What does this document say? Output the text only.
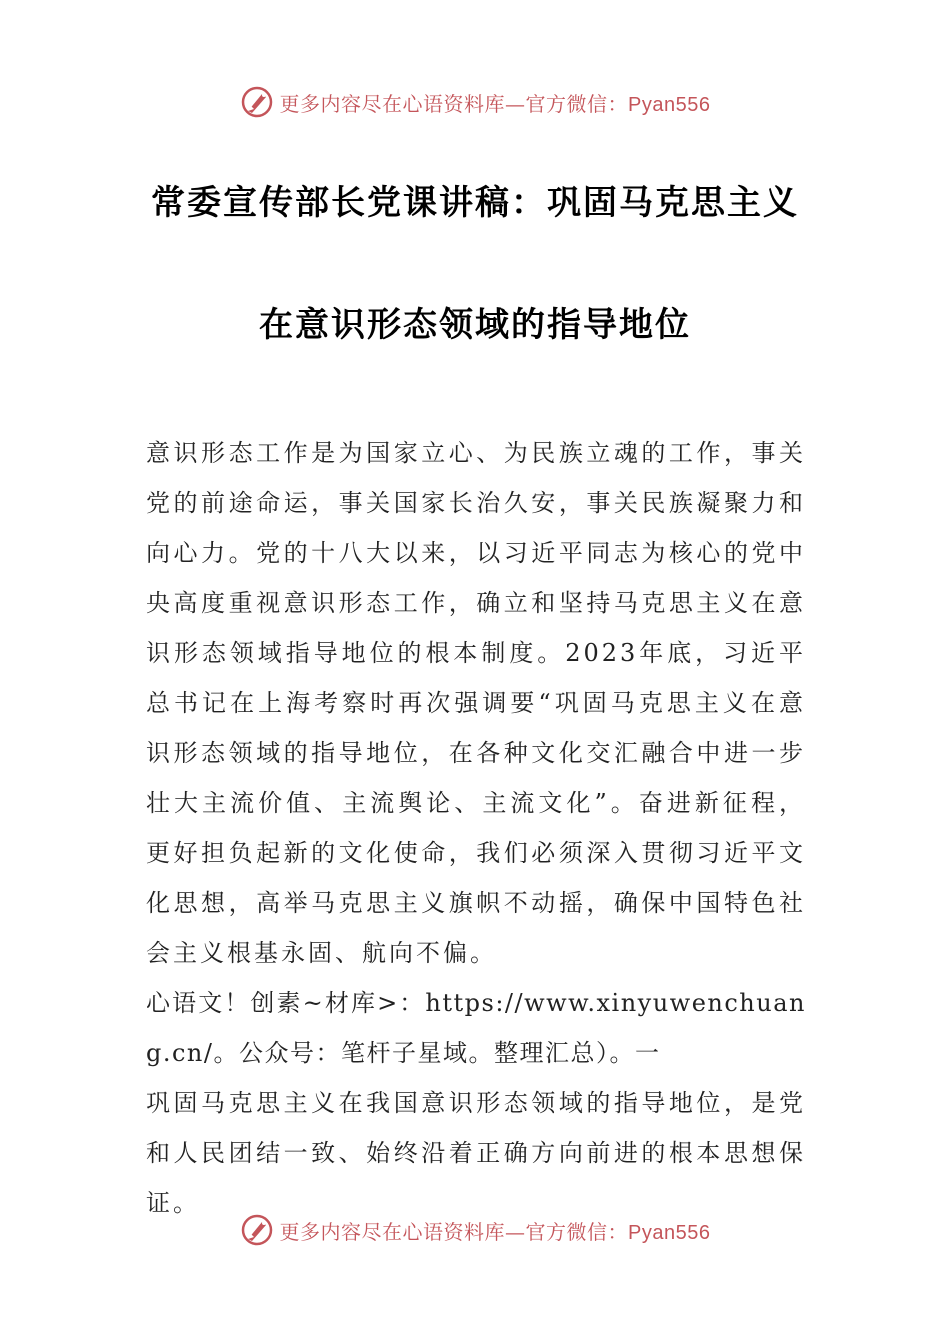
更多内容尽在心语资料库—官方微信：Pyan556
常委宣传部长党课讲稿：巩固马克思主义
在意识形态领域的指导地位

意识形态工作是为国家立心、为民族立魂的工作，事关党的前途命运，事关国家长治久安，事关民族凝聚力和向心力。党的十八大以来，以习近平同志为核心的党中央高度重视意识形态工作，确立和坚持马克思主义在意识形态领域指导地位的根本制度。2023年底，习近平总书记在上海考察时再次强调要“巩固马克思主义在意识形态领域的指导地位，在各种文化交汇融合中进一步壮大主流价值、主流舆论、主流文化”。奋进新征程，更好担负起新的文化使命，我们必须深入贯彻习近平文化思想，高举马克思主义旗帜不动摇，确保中国特色社会主义根基永固、航向不偏。

心语文！创素~材库>：https://www.xinyuwenchuang.cn/。公众号：笔杆子星域。整理汇总）。一

巩固马克思主义在我国意识形态领域的指导地位，是党和人民团结一致、始终沿着正确方向前进的根本思想保证。

更多内容尽在心语资料库—官方微信：Pyan556
